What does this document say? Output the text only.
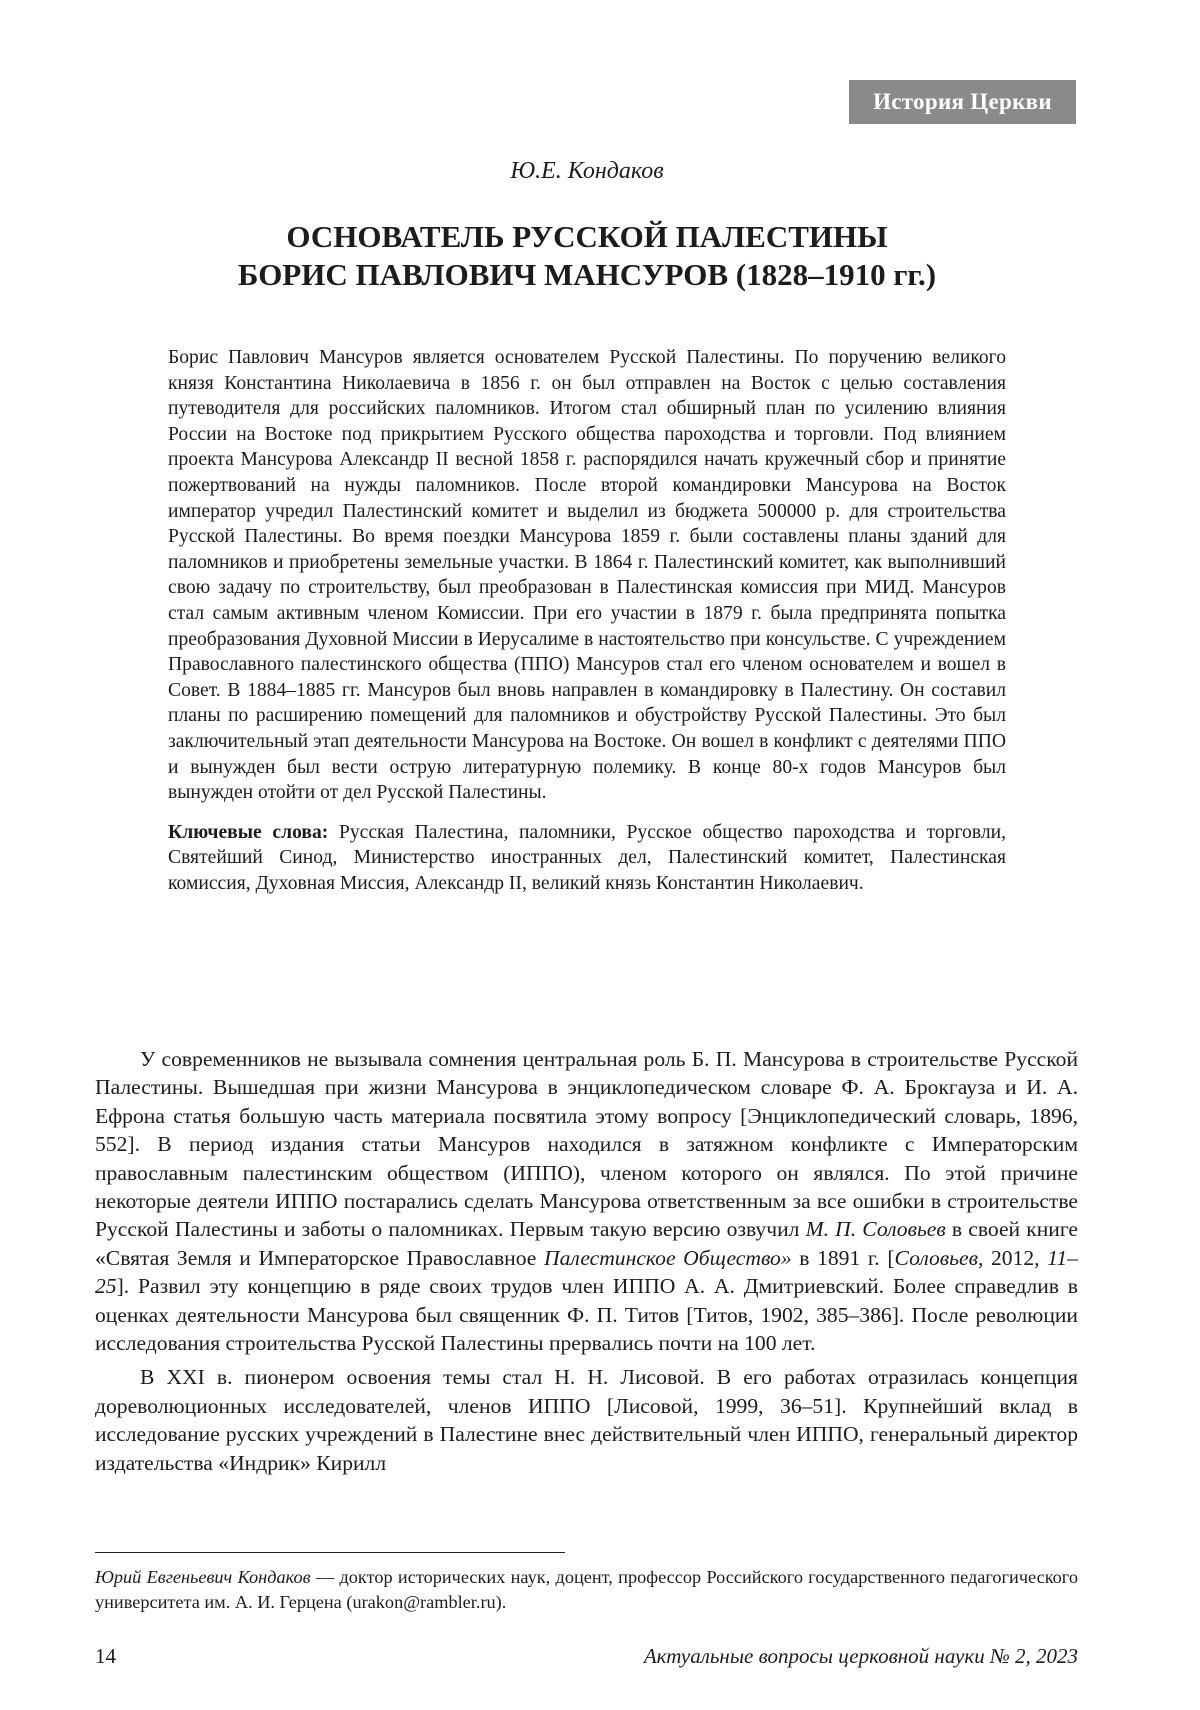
История Церкви
Ю.Е. Кондаков
ОСНОВАТЕЛЬ РУССКОЙ ПАЛЕСТИНЫ
БОРИС ПАВЛОВИЧ МАНСУРОВ (1828–1910 гг.)

Борис Павлович Мансуров является основателем Русской Палестины. По поручению великого князя Константина Николаевича в 1856 г. он был отправлен на Восток с целью составления путеводителя для российских паломников. Итогом стал обширный план по усилению влияния России на Востоке под прикрытием Русского общества пароходства и торговли. Под влиянием проекта Мансурова Александр II весной 1858 г. распорядился начать кружечный сбор и принятие пожертвований на нужды паломников. После второй командировки Мансурова на Восток император учредил Палестинский комитет и выделил из бюджета 500000 р. для строительства Русской Палестины. Во время поездки Мансурова 1859 г. были составлены планы зданий для паломников и приобретены земельные участки. В 1864 г. Палестинский комитет, как выполнивший свою задачу по строительству, был преобразован в Палестинская комиссия при МИД. Мансуров стал самым активным членом Комиссии. При его участии в 1879 г. была предпринята попытка преобразования Духовной Миссии в Иерусалиме в настоятельство при консульстве. С учреждением Православного палестинского общества (ППО) Мансуров стал его членом основателем и вошел в Совет. В 1884–1885 гг. Мансуров был вновь направлен в командировку в Палестину. Он составил планы по расширению помещений для паломников и обустройству Русской Палестины. Это был заключительный этап деятельности Мансурова на Востоке. Он вошел в конфликт с деятелями ППО и вынужден был вести острую литературную полемику. В конце 80-х годов Мансуров был вынужден отойти от дел Русской Палестины.

Ключевые слова: Русская Палестина, паломники, Русское общество пароходства и торговли, Святейший Синод, Министерство иностранных дел, Палестинский комитет, Палестинская комиссия, Духовная Миссия, Александр II, великий князь Константин Николаевич.

У современников не вызывала сомнения центральная роль Б. П. Мансурова в строительстве Русской Палестины. Вышедшая при жизни Мансурова в энциклопедическом словаре Ф. А. Брокгауза и И. А. Ефрона статья большую часть материала посвятила этому вопросу [Энциклопедический словарь, 1896, 552]. В период издания статьи Мансуров находился в затяжном конфликте с Императорским православным палестинским обществом (ИППО), членом которого он являлся. По этой причине некоторые деятели ИППО постарались сделать Мансурова ответственным за все ошибки в строительстве Русской Палестины и заботы о паломниках. Первым такую версию озвучил М. П. Соловьев в своей книге «Святая Земля и Императорское Православное Палестинское Общество» в 1891 г. [Соловьев, 2012, 11–25]. Развил эту концепцию в ряде своих трудов член ИППО А. А. Дмитриевский. Более справедлив в оценках деятельности Мансурова был священник Ф. П. Титов [Титов, 1902, 385–386]. После революции исследования строительства Русской Палестины прервались почти на 100 лет.

В XXI в. пионером освоения темы стал Н. Н. Лисовой. В его работах отразилась концепция дореволюционных исследователей, членов ИППО [Лисовой, 1999, 36–51]. Крупнейший вклад в исследование русских учреждений в Палестине внес действительный член ИППО, генеральный директор издательства «Индрик» Кирилл

Юрий Евгеньевич Кондаков — доктор исторических наук, доцент, профессор Российского государственного педагогического университета им. А. И. Герцена (urakon@rambler.ru).
14	Актуальные вопросы церковной науки № 2, 2023
